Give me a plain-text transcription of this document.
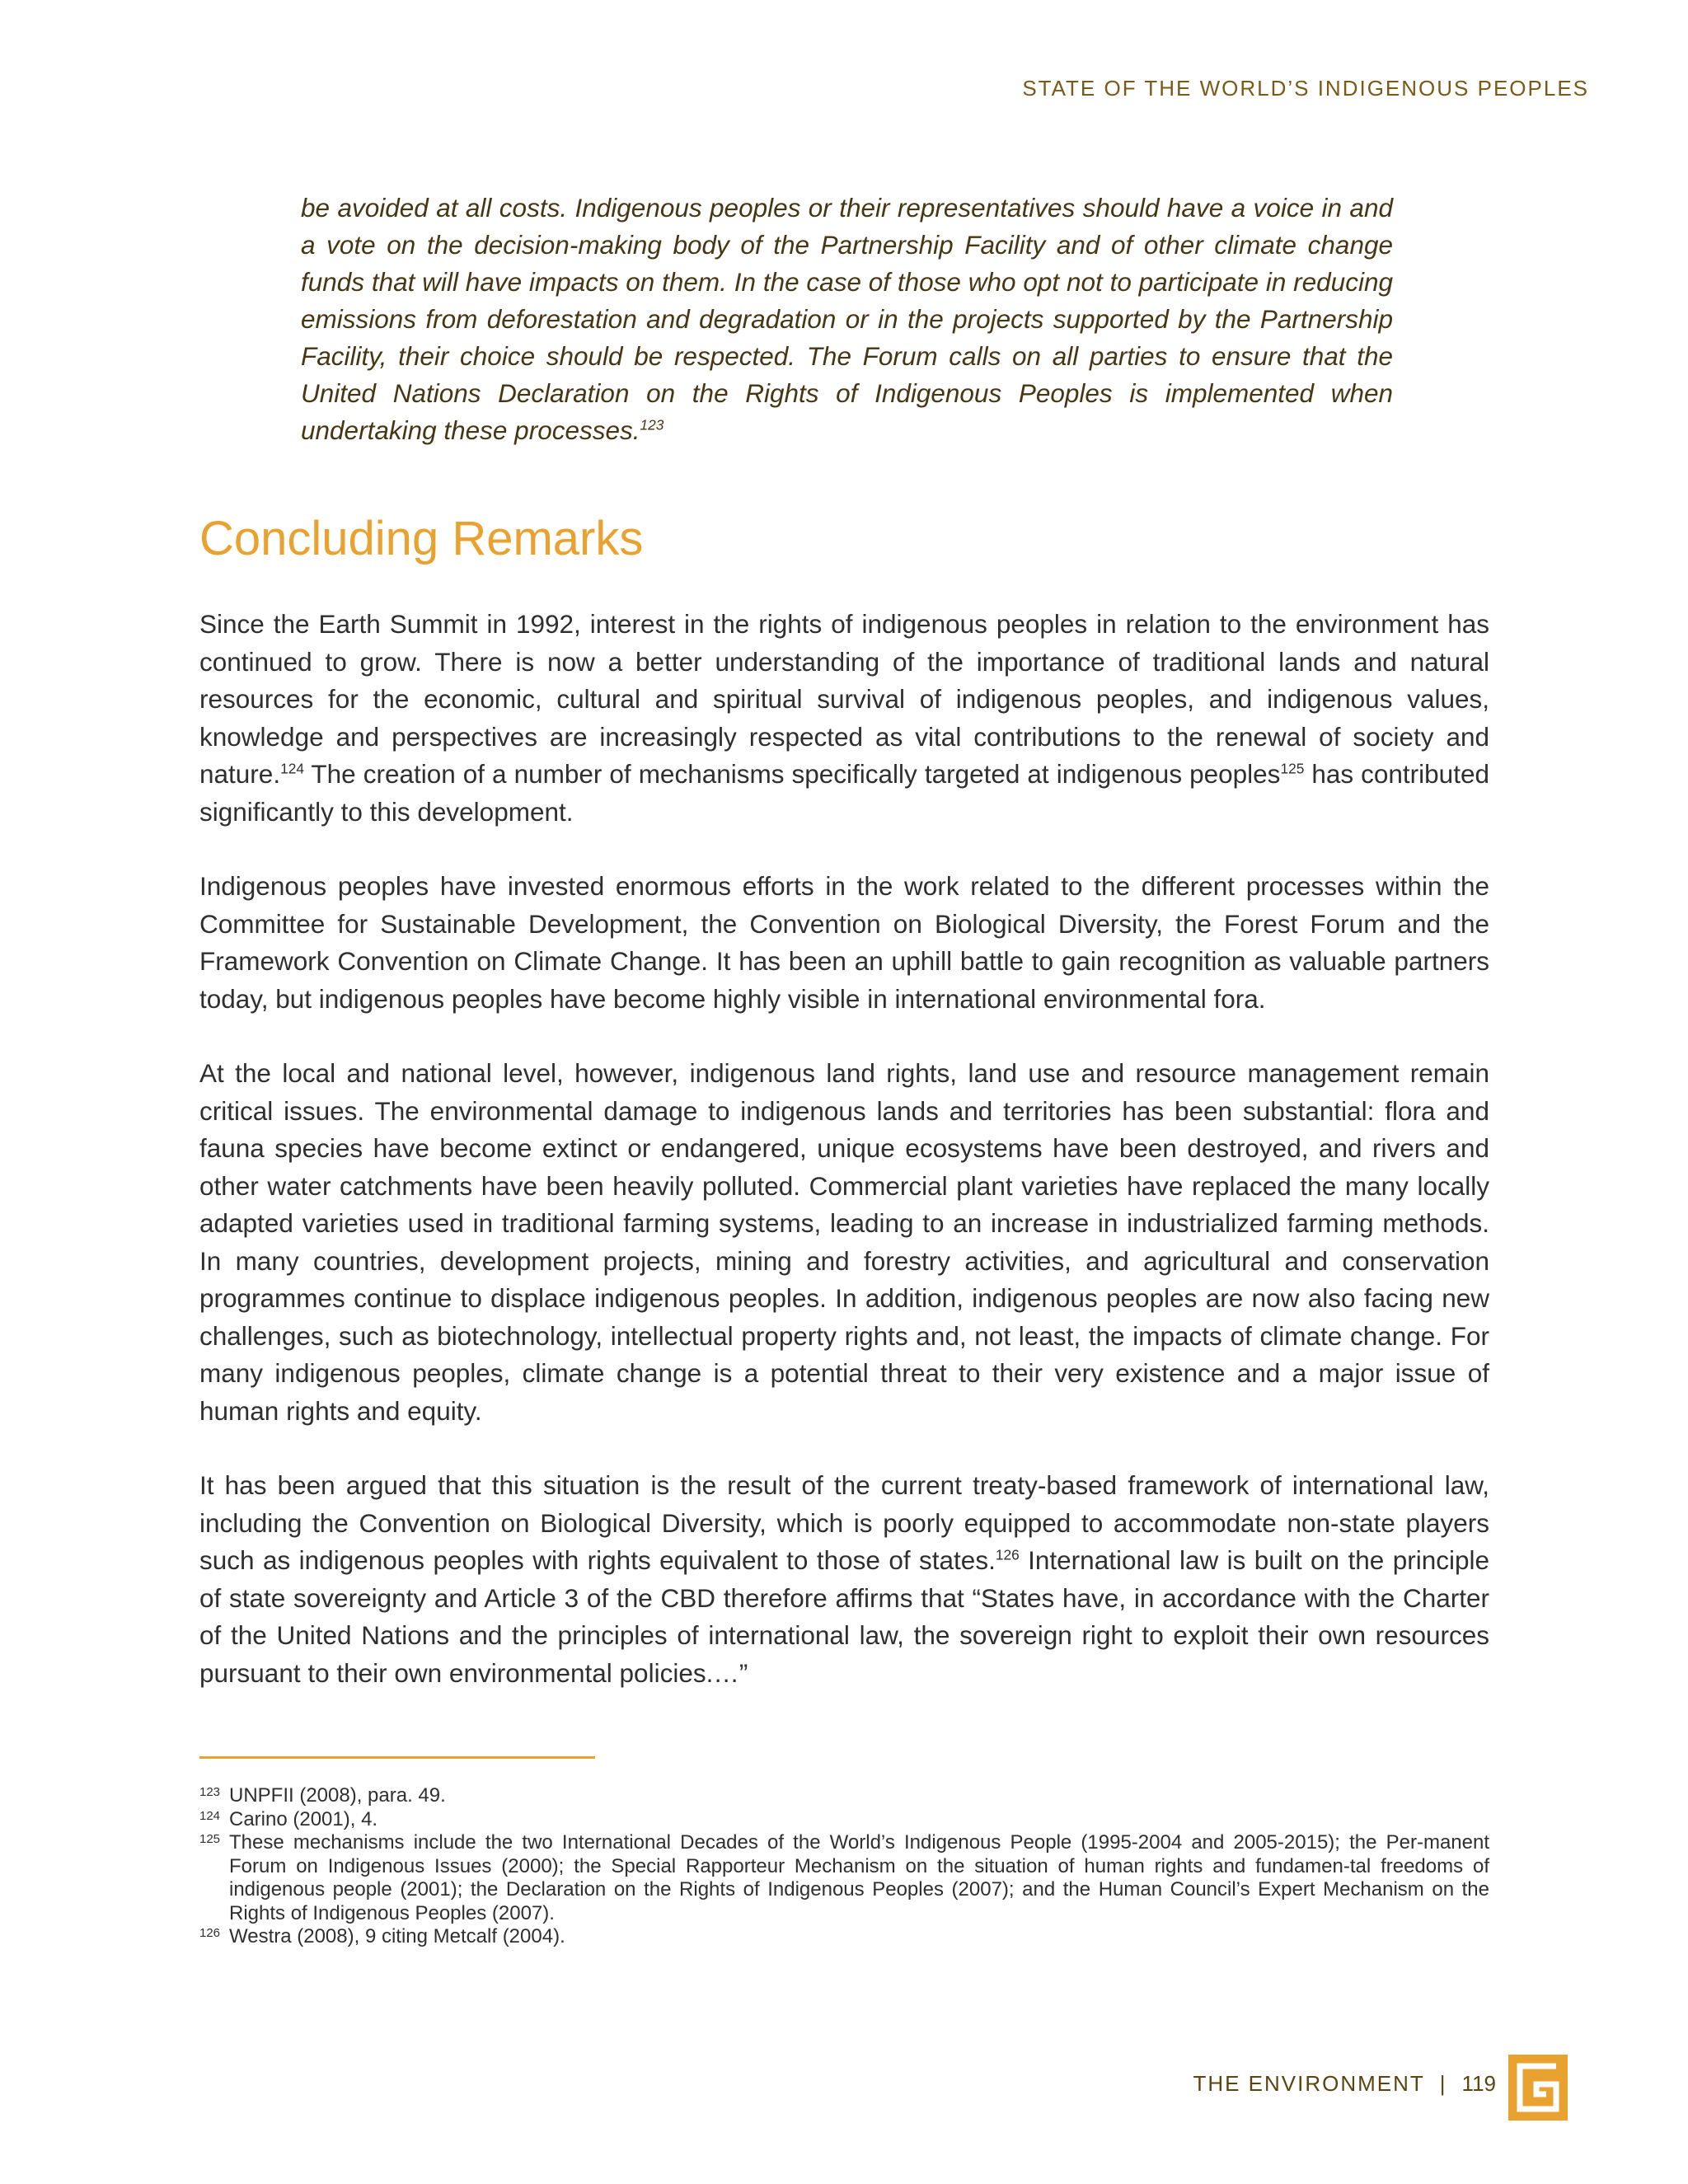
STATE OF THE WORLD’S INDIGENOUS PEOPLES
be avoided at all costs. Indigenous peoples or their representatives should have a voice in and a vote on the decision-making body of the Partnership Facility and of other climate change funds that will have impacts on them. In the case of those who opt not to participate in reducing emissions from deforestation and degradation or in the projects supported by the Partnership Facility, their choice should be respected. The Forum calls on all parties to ensure that the United Nations Declaration on the Rights of Indigenous Peoples is implemented when undertaking these processes.$^{123}$
Concluding Remarks

Since the Earth Summit in 1992, interest in the rights of indigenous peoples in relation to the environment has continued to grow. There is now a better understanding of the importance of traditional lands and natural resources for the economic, cultural and spiritual survival of indigenous peoples, and indigenous values, knowledge and perspectives are increasingly respected as vital contributions to the renewal of society and nature.$^{124}$ The creation of a number of mechanisms specifically targeted at indigenous peoples$^{125}$ has contributed significantly to this development.

Indigenous peoples have invested enormous efforts in the work related to the different processes within the Committee for Sustainable Development, the Convention on Biological Diversity, the Forest Forum and the Framework Convention on Climate Change. It has been an uphill battle to gain recognition as valuable partners today, but indigenous peoples have become highly visible in international environmental fora.

At the local and national level, however, indigenous land rights, land use and resource management remain critical issues. The environmental damage to indigenous lands and territories has been substantial: flora and fauna species have become extinct or endangered, unique ecosystems have been destroyed, and rivers and other water catchments have been heavily polluted. Commercial plant varieties have replaced the many locally adapted varieties used in traditional farming systems, leading to an increase in industrialized farming methods. In many countries, development projects, mining and forestry activities, and agricultural and conservation programmes continue to displace indigenous peoples. In addition, indigenous peoples are now also facing new challenges, such as biotechnology, intellectual property rights and, not least, the impacts of climate change. For many indigenous peoples, climate change is a potential threat to their very existence and a major issue of human rights and equity.

It has been argued that this situation is the result of the current treaty-based framework of international law, including the Convention on Biological Diversity, which is poorly equipped to accommodate non-state players such as indigenous peoples with rights equivalent to those of states.$^{126}$ International law is built on the principle of state sovereignty and Article 3 of the CBD therefore affirms that “States have, in accordance with the Charter of the United Nations and the principles of international law, the sovereign right to exploit their own resources pursuant to their own environmental policies.…”

123 UNPFII (2008), para. 49.
124 Carino (2001), 4.
125 These mechanisms include the two International Decades of the World’s Indigenous People (1995-2004 and 2005-2015); the Per-manent Forum on Indigenous Issues (2000); the Special Rapporteur Mechanism on the situation of human rights and fundamen-tal freedoms of indigenous people (2001); the Declaration on the Rights of Indigenous Peoples (2007); and the Human Council’s Expert Mechanism on the Rights of Indigenous Peoples (2007).
126 Westra (2008), 9 citing Metcalf (2004).
THE ENVIRONMENT | 119
